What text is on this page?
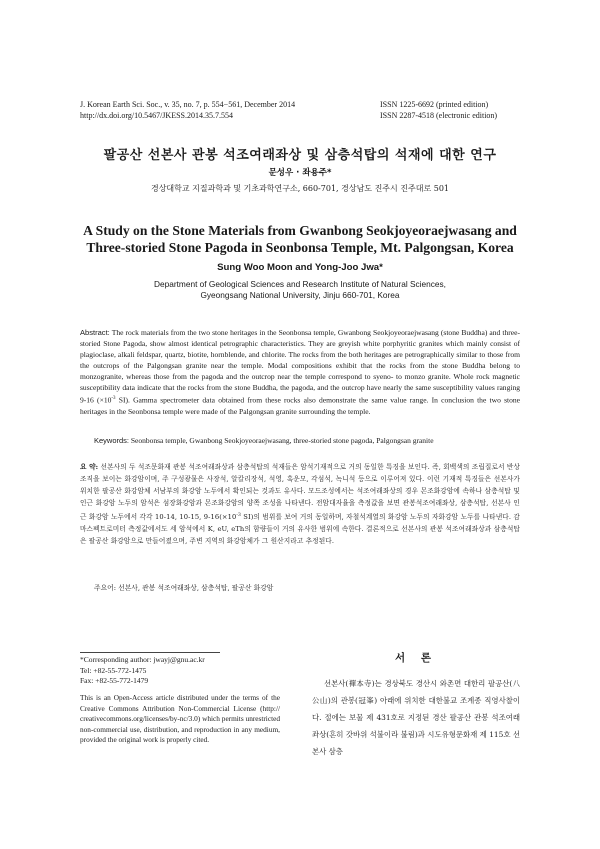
J. Korean Earth Sci. Soc., v. 35, no. 7, p. 554−561, December 2014
http://dx.doi.org/10.5467/JKESS.2014.35.7.554
ISSN 1225-6692 (printed edition)
ISSN 2287-4518 (electronic edition)
팔공산 선본사 관봉 석조여래좌상 및 삼층석탑의 석재에 대한 연구
문성우 · 좌용주*
경상대학교 지질과학과 및 기초과학연구소, 660-701, 경상남도 진주시 진주대로 501
A Study on the Stone Materials from Gwanbong Seokjoyeoraejwasang and
Three-storied Stone Pagoda in Seonbonsa Temple, Mt. Palgongsan, Korea
Sung Woo Moon and Yong-Joo Jwa*
Department of Geological Sciences and Research Institute of Natural Sciences,
Gyeongsang National University, Jinju 660-701, Korea
Abstract: The rock materials from the two stone heritages in the Seonbonsa temple, Gwanbong Seokjoyeoraejwasang (stone Buddha) and three-storied Stone Pagoda, show almost identical petrographic characteristics. They are greyish white porphyritic granites which mainly consist of plagioclase, alkali feldspar, quartz, biotite, hornblende, and chlorite. The rocks from the both heritages are petrographically similar to those from the outcrops of the Palgongsan granite near the temple. Modal compositions exhibit that the rocks from the stone Buddha belong to monzogranite, whereas those from the pagoda and the outcrop near the temple correspond to syeno- to monzo granite. Whole rock magnetic susceptibility data indicate that the rocks from the stone Buddha, the pagoda, and the outcrop have nearly the same susceptibility values ranging 9-16 ($\times 10^{-3}$ SI). Gamma spectrometer data obtained from these rocks also demonstrate the same value range. In conclusion the two stone heritages in the Seonbonsa temple were made of the Palgongsan granite surrounding the temple.
Keywords: Seonbonsa temple, Gwanbong Seokjoyeoraejwasang, three-storied stone pagoda, Palgongsan granite
요 약: 선본사의 두 석조문화재 관봉 석조여래좌상과 삼층석탑의 석재들은 암석기재적으로 거의 동일한 특징을 보인다. 즉, 회백색의 조립질로서 반상조직을 보이는 화강암이며, 주 구성광물은 사장석, 알칼리장석, 석영, 흑운모, 각섬석, 녹니석 등으로 이루어져 있다. 이런 기재적 특징들은 선본사가 위치한 팔공산 화강암체 서남부의 화강암 노두에서 확인되는 것과도 유사다. 모드조성에서는 석조여래좌상의 경우 몬조화강암에 속하나 삼층석탑 및 인근 화강암 노두의 암석은 섬장화강암과 몬조화강암의 양쪽 조성을 나타낸다. 전암대자율을 측정값을 보면 관봉석조여래좌상, 삼층석탑, 선본사 인근 화강암 노두에서 각각 10-14, 10-15, $9-16(\times 10^{-3}$ SI)의 범위를 보여 거의 동일하며, 자철석계열의 화강암 노두의 자화강암 노두를 나타낸다. 감마스펙트로미터 측정값에서도 세 암석에서 K, eU, eTh의 함량들이 거의 유사한 범위에 속한다. 결론적으로 선본사의 관봉 석조여래좌상과 삼층석탑은 팔공산 화강암으로 만들어졌으며, 주변 지역의 화강암체가 그 원산지라고 추정된다.
주요어: 선본사, 관봉 석조여래좌상, 삼층석탑, 팔공산 화강암
*Corresponding author: jwayj@gnu.ac.kr
Tel: +82-55-772-1475
Fax: +82-55-772-1479
This is an Open-Access article distributed under the terms of the Creative Commons Attribution Non-Commercial License (http:// creativecommons.org/licenses/by-nc/3.0) which permits unrestricted non-commercial use, distribution, and reproduction in any medium, provided the original work is properly cited.
서 론
선본사(禪本寺)는 경상북도 경산시 와촌면 대한리 팔공산(八公山)의 관봉(冠峯) 아래에 위치한 대한불교 조계종 직영사찰이다. 절에는 보물 제 431호로 지정된 경산 팔공산 관봉 석조여래좌상(흔히 갓바위 석불이라 불림)과 시도유형문화재 제 115호 선본사 삼층
